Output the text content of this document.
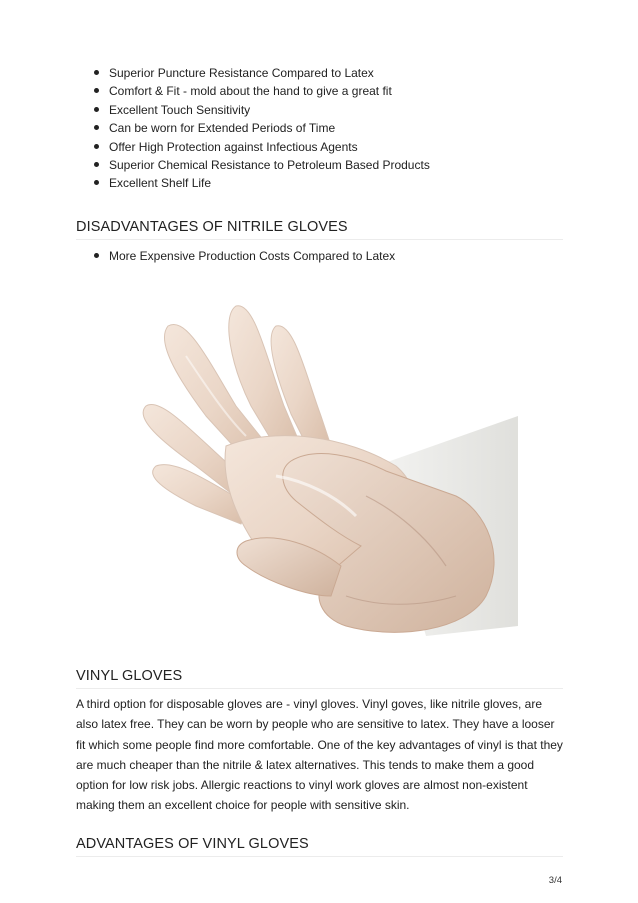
Superior Puncture Resistance Compared to Latex
Comfort & Fit - mold about the hand to give a great fit
Excellent Touch Sensitivity
Can be worn for Extended Periods of Time
Offer High Protection against Infectious Agents
Superior Chemical Resistance to Petroleum Based Products
Excellent Shelf Life
DISADVANTAGES OF NITRILE GLOVES
More Expensive Production Costs Compared to Latex
VINYL GLOVES

A third option for disposable gloves are - vinyl gloves. Vinyl goves, like nitrile gloves, are also latex free. They can be worn by people who are sensitive to latex. They have a looser fit which some people find more comfortable. One of the key advantages of vinyl is that they are much cheaper than the nitrile & latex alternatives. This tends to make them a good option for low risk jobs. Allergic reactions to vinyl work gloves are almost non-existent making them an excellent choice for people with sensitive skin.

ADVANTAGES OF VINYL GLOVES
3/4
